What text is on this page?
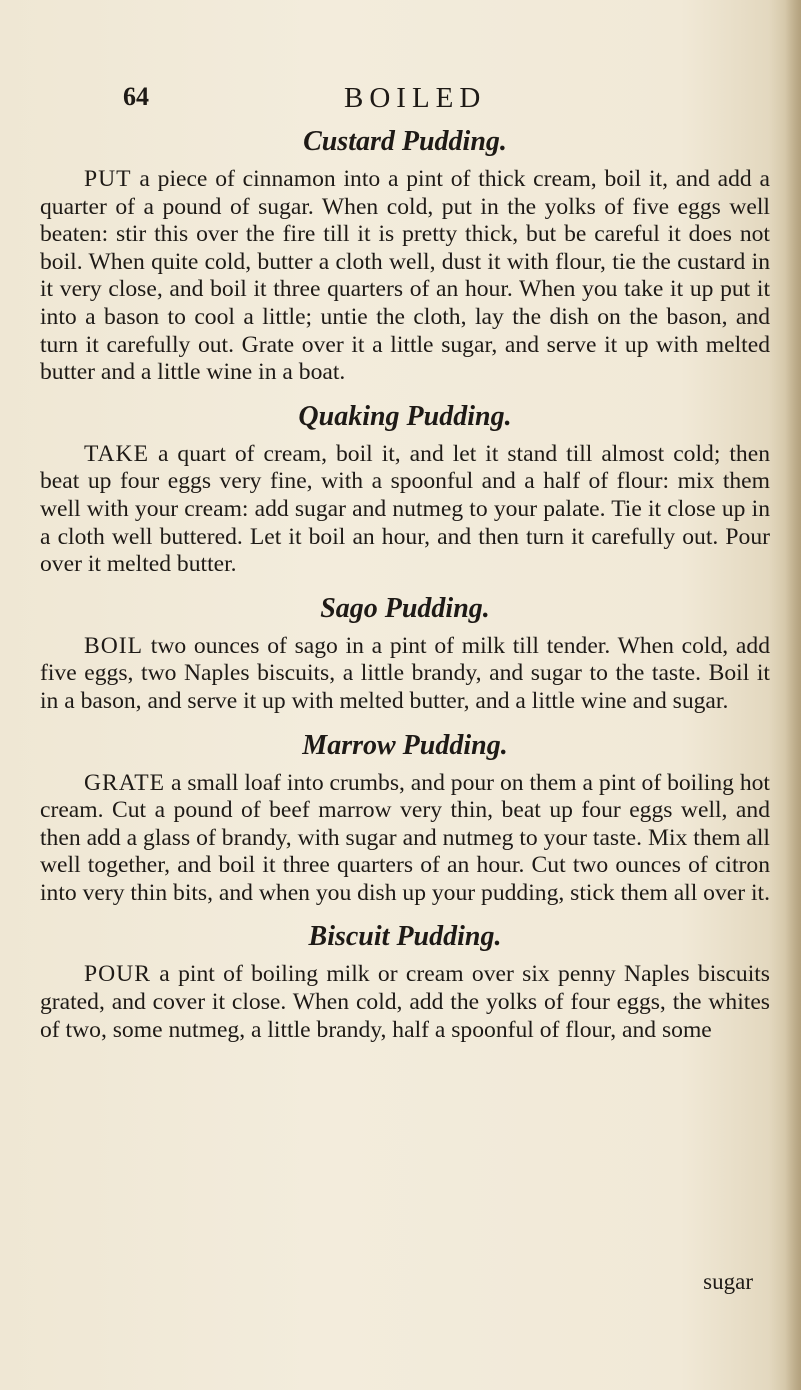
64	BOILED
Custard Pudding.

PUT a piece of cinnamon into a pint of thick cream, boil it, and add a quarter of a pound of sugar. When cold, put in the yolks of five eggs well beaten: stir this over the fire till it is pretty thick, but be careful it does not boil. When quite cold, butter a cloth well, dust it with flour, tie the custard in it very close, and boil it three quarters of an hour. When you take it up put it into a bason to cool a little; untie the cloth, lay the dish on the bason, and turn it carefully out. Grate over it a little sugar, and serve it up with melted butter and a little wine in a boat.

Quaking Pudding.

TAKE a quart of cream, boil it, and let it stand till almost cold; then beat up four eggs very fine, with a spoonful and a half of flour: mix them well with your cream: add sugar and nutmeg to your palate. Tie it close up in a cloth well buttered. Let it boil an hour, and then turn it carefully out. Pour over it melted butter.

Sago Pudding.

BOIL two ounces of sago in a pint of milk till tender. When cold, add five eggs, two Naples biscuits, a little brandy, and sugar to the taste. Boil it in a bason, and serve it up with melted butter, and a little wine and sugar.

Marrow Pudding.

GRATE a small loaf into crumbs, and pour on them a pint of boiling hot cream. Cut a pound of beef marrow very thin, beat up four eggs well, and then add a glass of brandy, with sugar and nutmeg to your taste. Mix them all well together, and boil it three quarters of an hour. Cut two ounces of citron into very thin bits, and when you dish up your pudding, stick them all over it.

Biscuit Pudding.

POUR a pint of boiling milk or cream over six penny Naples biscuits grated, and cover it close. When cold, add the yolks of four eggs, the whites of two, some nutmeg, a little brandy, half a spoonful of flour, and some

sugar
